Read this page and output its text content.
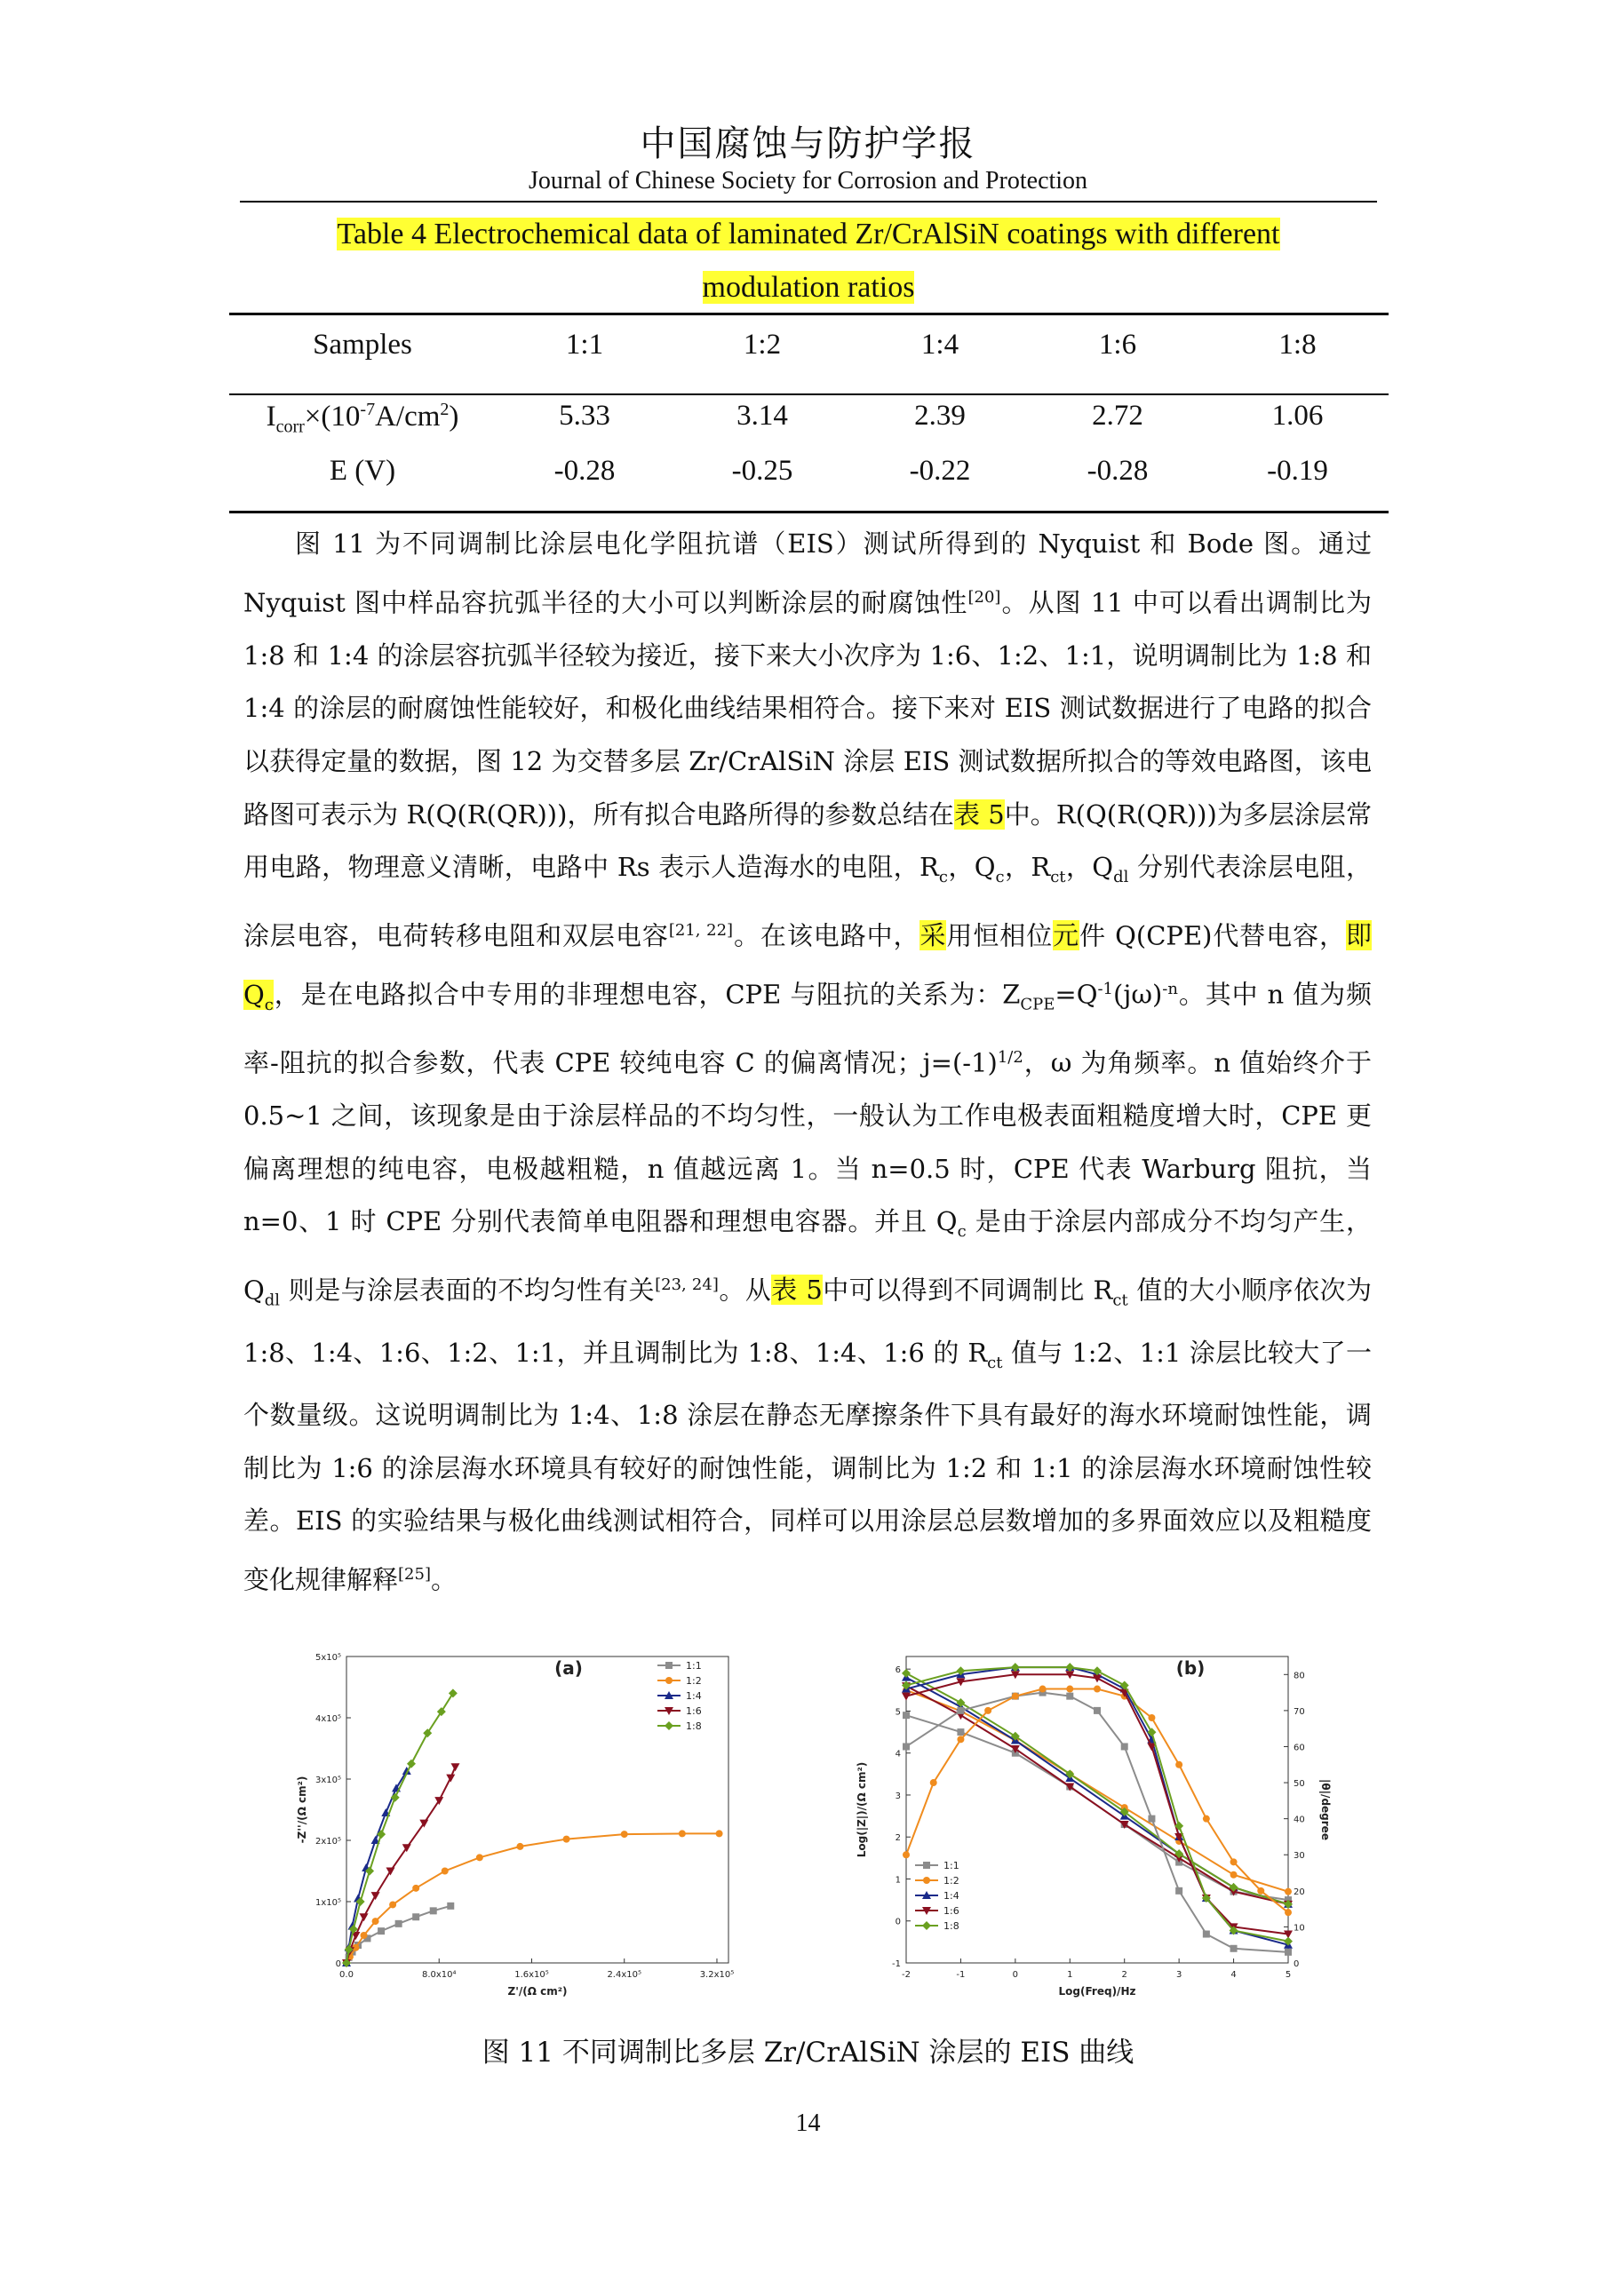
中国腐蚀与防护学报
Journal of Chinese Society for Corrosion and Protection
Table 4 Electrochemical data of laminated Zr/CrAlSiN coatings with different
modulation ratios
Samples	1:1	1:2	1:4	1:6	1:8
$I_{corr}\times(10^{-7}A/cm^2)$	5.33	3.14	2.39	2.72	1.06
E (V)	-0.28	-0.25	-0.22	-0.28	-0.19

图 11 为不同调制比涂层电化学阻抗谱（EIS）测试所得到的 Nyquist 和 Bode 图。通过 Nyquist 图中样品容抗弧半径的大小可以判断涂层的耐腐蚀性[20]。从图 11 中可以看出调制比为 1:8 和 1:4 的涂层容抗弧半径较为接近，接下来大小次序为 1:6、1:2、1:1，说明调制比为 1:8 和 1:4 的涂层的耐腐蚀性能较好，和极化曲线结果相符合。接下来对 EIS 测试数据进行了电路的拟合以获得定量的数据，图 12 为交替多层 Zr/CrAlSiN 涂层 EIS 测试数据所拟合的等效电路图，该电路图可表示为 R(Q(R(QR)))，所有拟合电路所得的参数总结在表 5中。R(Q(R(QR)))为多层涂层常用电路，物理意义清晰，电路中 Rs 表示人造海水的电阻，$R_c$，$Q_c$，$R_{ct}$，$Q_{dl}$ 分别代表涂层电阻，涂层电容，电荷转移电阻和双层电容[21, 22]。在该电路中，采用恒相位元件 Q(CPE)代替电容，即 $Q_c$，是在电路拟合中专用的非理想电容，CPE 与阻抗的关系为：$Z_{CPE}=Q^{-1}(j\omega)^{-n}$。其中 n 值为频率-阻抗的拟合参数，代表 CPE 较纯电容 C 的偏离情况；$j=(-1)^{1/2}$，ω 为角频率。n 值始终介于 0.5~1 之间，该现象是由于涂层样品的不均匀性，一般认为工作电极表面粗糙度增大时，CPE 更偏离理想的纯电容，电极越粗糙，n 值越远离 1。当 n=0.5 时，CPE 代表 Warburg 阻抗，当 n=0、1 时 CPE 分别代表简单电阻器和理想电容器。并且 $Q_c$ 是由于涂层内部成分不均匀产生，$Q_{dl}$ 则是与涂层表面的不均匀性有关[23, 24]。从表 5中可以得到不同调制比 $R_{ct}$ 值的大小顺序依次为 1:8、1:4、1:6、1:2、1:1，并且调制比为 1:8、1:4、1:6 的 $R_{ct}$ 值与 1:2、1:1 涂层比较大了一个数量级。这说明调制比为 1:4、1:8 涂层在静态无摩擦条件下具有最好的海水环境耐蚀性能，调制比为 1:6 的涂层海水环境具有较好的耐蚀性能，调制比为 1:2 和 1:1 的涂层海水环境耐蚀性较差。EIS 的实验结果与极化曲线测试相符合，同样可以用涂层总层数增加的多界面效应以及粗糙度变化规律解释[25]。

0.0	8.0x10⁴	1.6x10⁵	2.4x10⁵	3.2x10⁵
0
1x10⁵
2x10⁵
3x10⁵
4x10⁵
5x10⁵
Z'/(Ω cm²)
-Z''/(Ω cm²)
(a)	1:1
1:2
1:4
1:6
1:8
-2	-1	0	1	2	3	4	5
-1
0
1
2
3
4
5
6
0
10
20
30
40
50
60
70
80
|θ|/degree
Log(Freq)/Hz
Log(|Z|)/(Ω cm²)
(b)
1:1
1:2
1:4
1:6
1:8
图 11 不同调制比多层 Zr/CrAlSiN 涂层的 EIS 曲线
14
